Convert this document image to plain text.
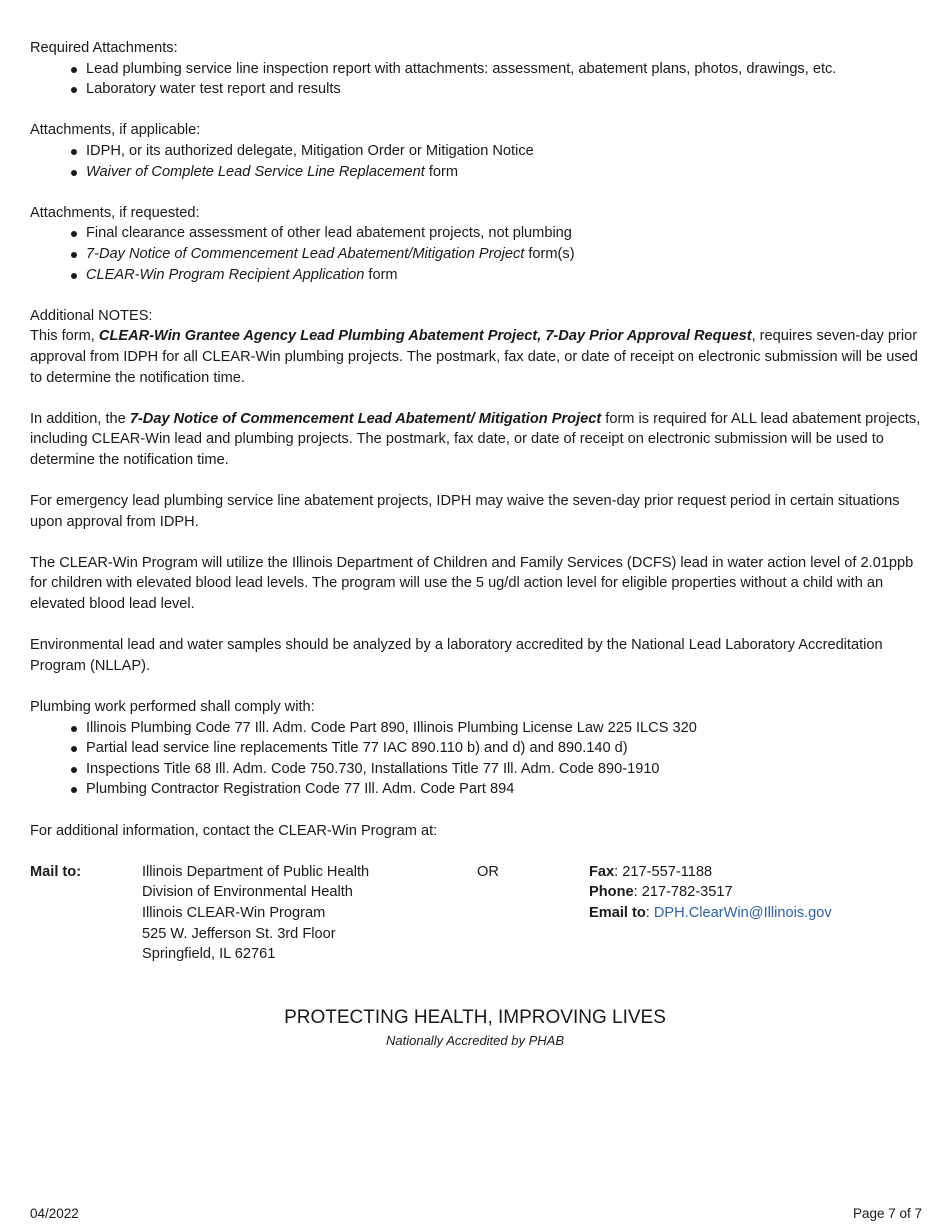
Required Attachments:

Lead plumbing service line inspection report with attachments: assessment, abatement plans, photos, drawings, etc.
Laboratory water test report and results

Attachments, if applicable:

IDPH, or its authorized delegate, Mitigation Order or Mitigation Notice
Waiver of Complete Lead Service Line Replacement form

Attachments, if requested:

Final clearance assessment of other lead abatement projects, not plumbing
7-Day Notice of Commencement Lead Abatement/Mitigation Project form(s)
CLEAR-Win Program Recipient Application form

Additional NOTES:

This form, CLEAR-Win Grantee Agency Lead Plumbing Abatement Project, 7-Day Prior Approval Request, requires seven-day prior approval from IDPH for all CLEAR-Win plumbing projects. The postmark, fax date, or date of receipt on electronic submission will be used to determine the notification time.

In addition, the 7-Day Notice of Commencement Lead Abatement/ Mitigation Project form is required for ALL lead abatement projects, including CLEAR-Win lead and plumbing projects. The postmark, fax date, or date of receipt on electronic submission will be used to determine the notification time.

For emergency lead plumbing service line abatement projects, IDPH may waive the seven-day prior request period in certain situations upon approval from IDPH.

The CLEAR-Win Program will utilize the Illinois Department of Children and Family Services (DCFS) lead in water action level of 2.01ppb for children with elevated blood lead levels. The program will use the 5 ug/dl action level for eligible properties without a child with an elevated blood lead level.

Environmental lead and water samples should be analyzed by a laboratory accredited by the National Lead Laboratory Accreditation Program (NLLAP).

Plumbing work performed shall comply with:

Illinois Plumbing Code 77 Ill. Adm. Code Part 890, Illinois Plumbing License Law 225 ILCS 320
Partial lead service line replacements Title 77 IAC 890.110 b) and d) and 890.140 d)
Inspections Title 68 Ill. Adm. Code 750.730, Installations Title 77 Ill. Adm. Code 890-1910
Plumbing Contractor Registration Code 77 Ill. Adm. Code Part 894

For additional information, contact the CLEAR-Win Program at:

Mail to:	Illinois Department of Public Health
Division of Environmental Health
Illinois CLEAR-Win Program
525 W. Jefferson St. 3rd Floor
Springfield, IL 62761
OR	Fax: 217-557-1188
Phone: 217-782-3517
Email to: DPH.ClearWin@Illinois.gov
PROTECTING HEALTH, IMPROVING LIVES
Nationally Accredited by PHAB
04/2022	Page 7 of 7
